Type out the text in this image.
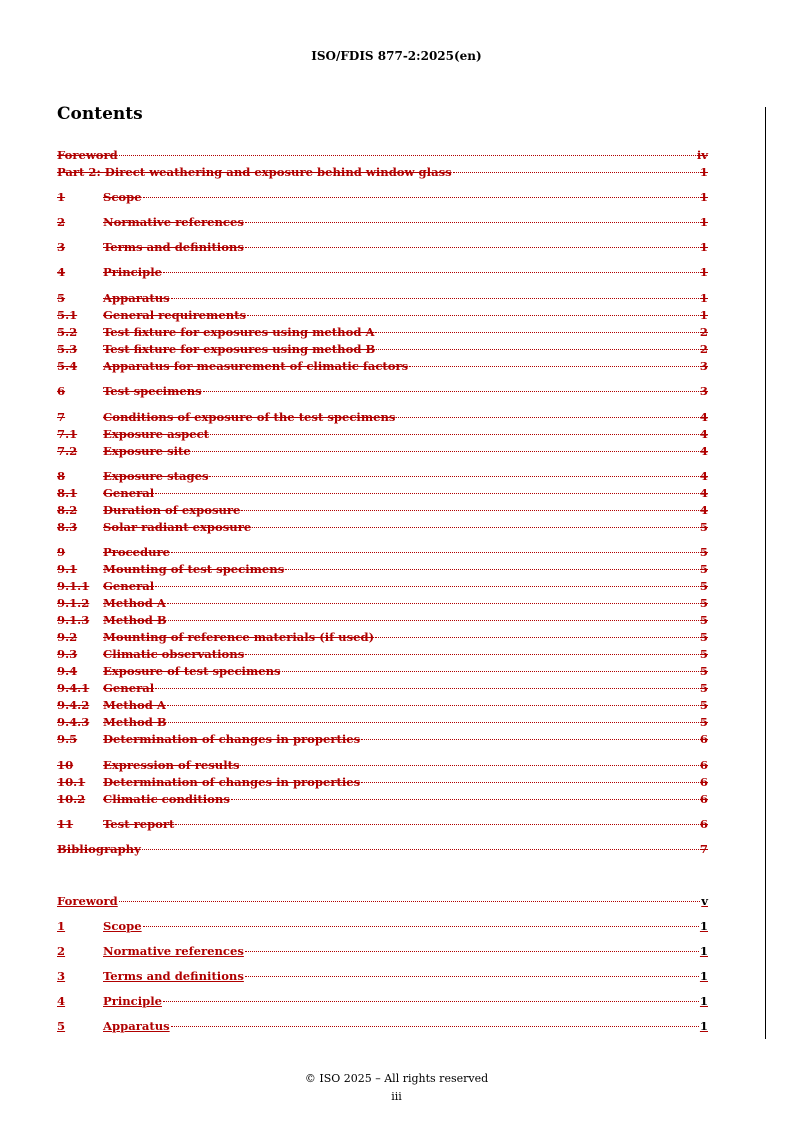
ISO/FDIS 877-2:2025(en)
Contents
Foreword	iv
Part 2: Direct weathering and exposure behind window glass	1
1	Scope	1
2	Normative references	1
3	Terms and definitions	1
4	Principle	1
5	Apparatus	1
5.1	General requirements	1
5.2	Test fixture for exposures using method A	2
5.3	Test fixture for exposures using method B	2
5.4	Apparatus for measurement of climatic factors	3
6	Test specimens	3
7	Conditions of exposure of the test specimens	4
7.1	Exposure aspect	4
7.2	Exposure site	4
8	Exposure stages	4
8.1	General	4
8.2	Duration of exposure	4
8.3	Solar radiant exposure	5
9	Procedure	5
9.1	Mounting of test specimens	5
9.1.1	General	5
9.1.2	Method A	5
9.1.3	Method B	5
9.2	Mounting of reference materials (if used)	5
9.3	Climatic observations	5
9.4	Exposure of test specimens	5
9.4.1	General	5
9.4.2	Method A	5
9.4.3	Method B	5
9.5	Determination of changes in properties	6
10	Expression of results	6
10.1	Determination of changes in properties	6
10.2	Climatic conditions	6
11	Test report	6
Bibliography	7
Foreword	v
1	Scope	1
2	Normative references	1
3	Terms and definitions	1
4	Principle	1
5	Apparatus	1
© ISO 2025 – All rights reserved
iii
